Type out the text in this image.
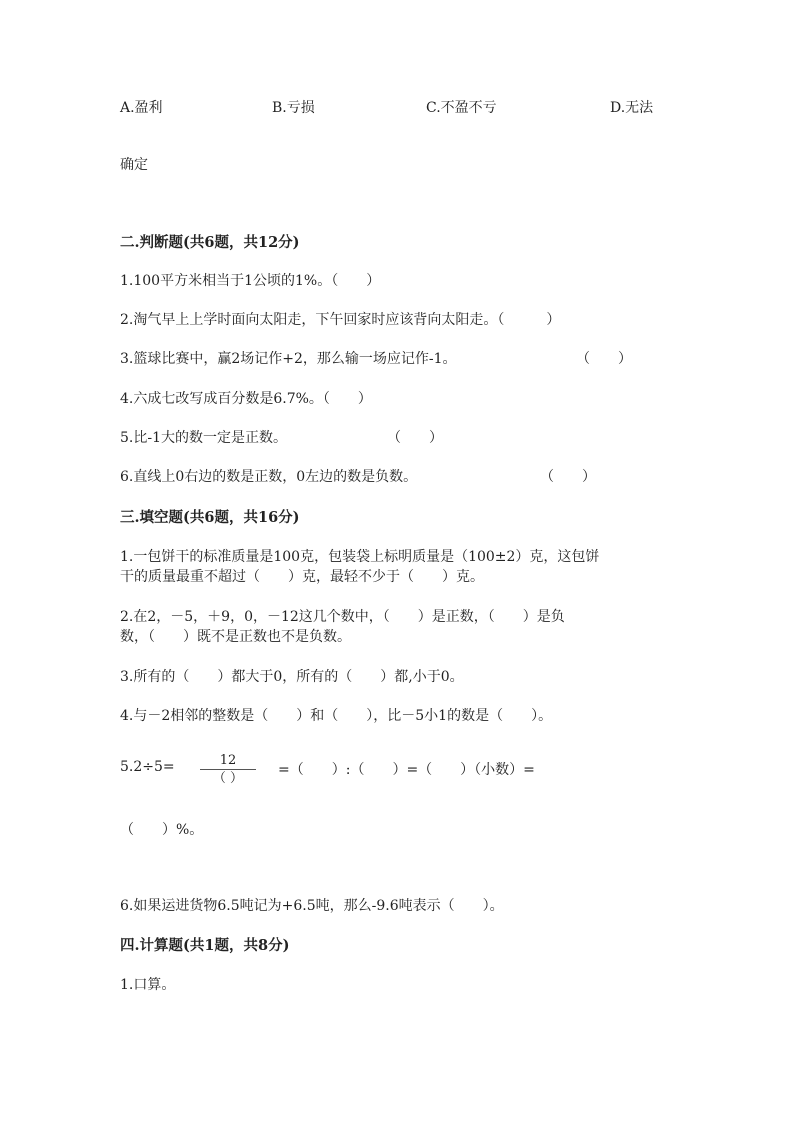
A.盈利	B.亏损	C.不盈不亏	D.无法
确定
二.判断题(共6题，共12分)
1.100平方米相当于1公顷的1%。（　　）
2.淘气早上上学时面向太阳走，下午回家时应该背向太阳走。（　　　）
3.篮球比赛中，赢2场记作+2，那么输一场应记作-1。	（　　）
4.六成七改写成百分数是6.7%。（　　）
5.比-1大的数一定是正数。	（　　）
6.直线上0右边的数是正数，0左边的数是负数。	（　　）
三.填空题(共6题，共16分)
1.一包饼干的标准质量是100克，包装袋上标明质量是（100±2）克，这包饼
干的质量最重不超过（　　）克，最轻不少于（　　）克。
2.在2，－5，＋9，0，－12这几个数中，（　　）是正数，（　　）是负
数，（　　）既不是正数也不是负数。
3.所有的（　　）都大于0，所有的（　　）都,小于0。
4.与－2相邻的整数是（　　）和（　　），比－5小1的数是（　　）。
5.2÷5=	12
（ ）
=（　　）:（　　）=（　　）（小数）=
（　　）%。
6.如果运进货物6.5吨记为+6.5吨，那么-9.6吨表示（　　）。
四.计算题(共1题，共8分)
1.口算。
